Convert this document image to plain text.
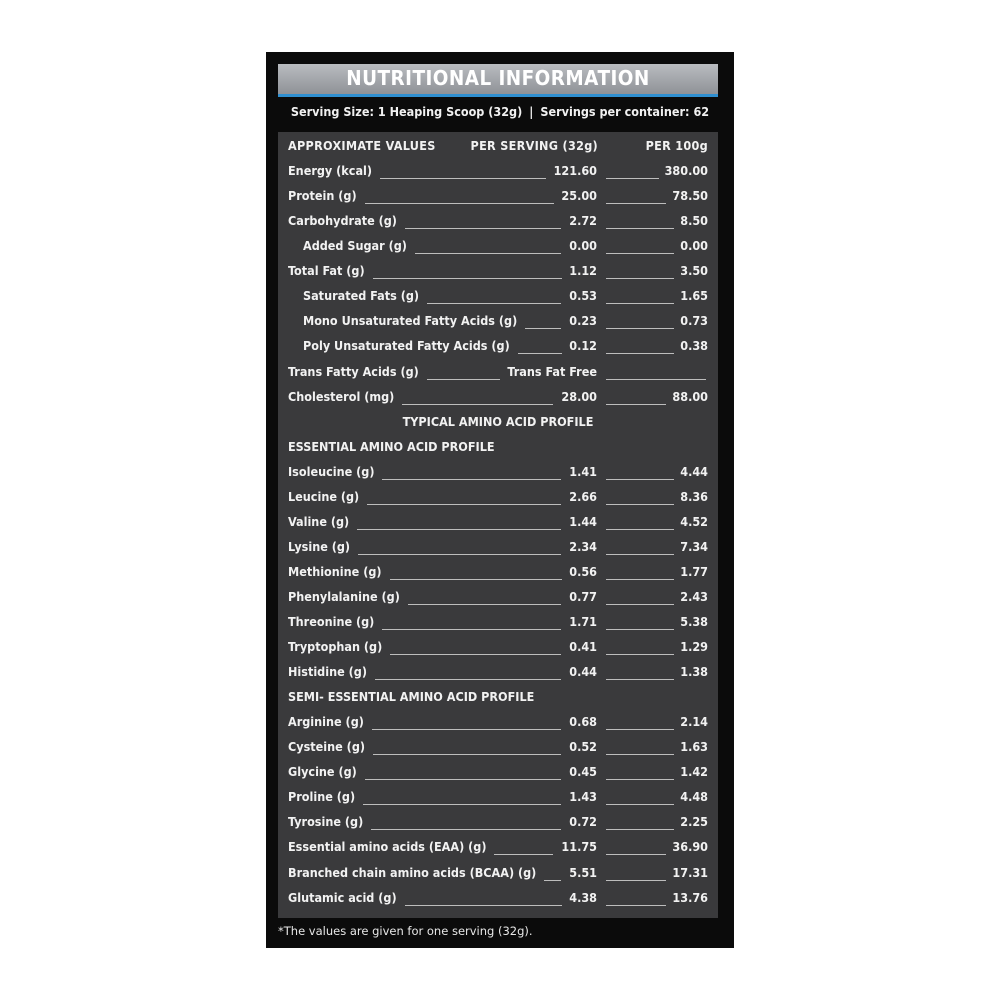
NUTRITIONAL INFORMATION
Serving Size: 1 Heaping Scoop (32g) | Servings per container: 62
APPROXIMATE VALUES	PER SERVING (32g)	PER 100g
Energy (kcal)	121.60	380.00
Protein (g)	25.00	78.50
Carbohydrate (g)	2.72	8.50
Added Sugar (g)	0.00	0.00
Total Fat (g)	1.12	3.50
Saturated Fats (g)	0.53	1.65
Mono Unsaturated Fatty Acids (g)	0.23	0.73
Poly Unsaturated Fatty Acids (g)	0.12	0.38
Trans Fatty Acids (g)	Trans Fat Free
Cholesterol (mg)	28.00	88.00
TYPICAL AMINO ACID PROFILE
ESSENTIAL AMINO ACID PROFILE
Isoleucine (g)	1.41	4.44
Leucine (g)	2.66	8.36
Valine (g)	1.44	4.52
Lysine (g)	2.34	7.34
Methionine (g)	0.56	1.77
Phenylalanine (g)	0.77	2.43
Threonine (g)	1.71	5.38
Tryptophan (g)	0.41	1.29
Histidine (g)	0.44	1.38
SEMI- ESSENTIAL AMINO ACID PROFILE
Arginine (g)	0.68	2.14
Cysteine (g)	0.52	1.63
Glycine (g)	0.45	1.42
Proline (g)	1.43	4.48
Tyrosine (g)	0.72	2.25
Essential amino acids (EAA) (g)	11.75	36.90
Branched chain amino acids (BCAA) (g)	5.51	17.31
Glutamic acid (g)	4.38	13.76
*The values are given for one serving (32g).
